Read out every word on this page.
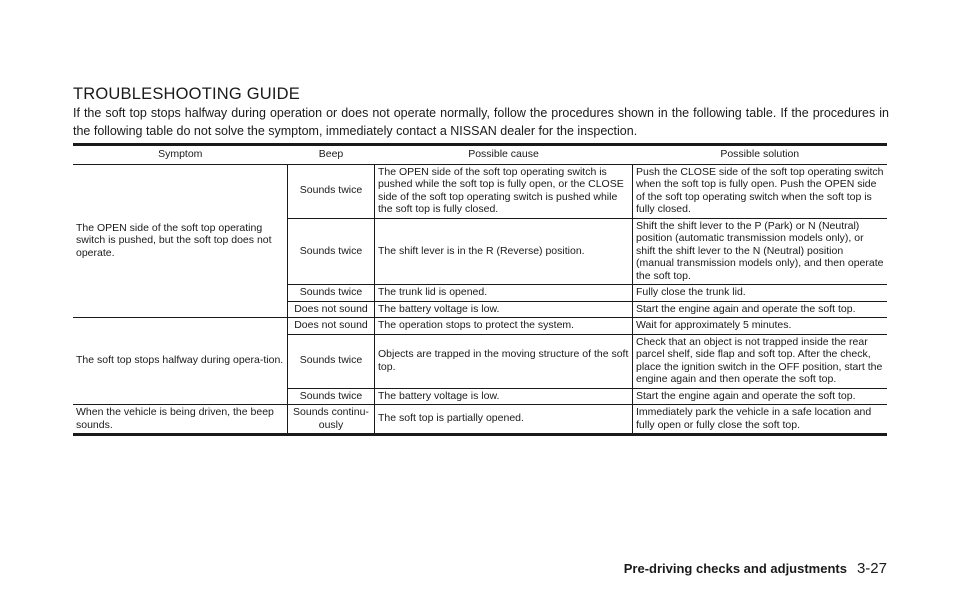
TROUBLESHOOTING GUIDE

If the soft top stops halfway during operation or does not operate normally, follow the procedures shown in the following table. If the procedures in the following table do not solve the symptom, immediately contact a NISSAN dealer for the inspection.

Symptom	Beep	Possible cause	Possible solution
The OPEN side of the soft top operating switch is pushed, but the soft top does not operate.	Sounds twice	The OPEN side of the soft top operating switch is pushed while the soft top is fully open, or the CLOSE side of the soft top operating switch is pushed while the soft top is fully closed.	Push the CLOSE side of the soft top operating switch when the soft top is fully open. Push the OPEN side of the soft top operating switch when the soft top is fully closed.
	Sounds twice	The shift lever is in the R (Reverse) position.	Shift the shift lever to the P (Park) or N (Neutral) position (automatic transmission models only), or shift the shift lever to the N (Neutral) position (manual transmission models only), and then operate the soft top.
	Sounds twice	The trunk lid is opened.	Fully close the trunk lid.
	Does not sound	The battery voltage is low.	Start the engine again and operate the soft top.
The soft top stops halfway during opera-tion.	Does not sound	The operation stops to protect the system.	Wait for approximately 5 minutes.
	Sounds twice	Objects are trapped in the moving structure of the soft top.	Check that an object is not trapped inside the rear parcel shelf, side flap and soft top. After the check, place the ignition switch in the OFF position, start the engine again and then operate the soft top.
	Sounds twice	The battery voltage is low.	Start the engine again and operate the soft top.
When the vehicle is being driven, the beep sounds.	Sounds continu-ously	The soft top is partially opened.	Immediately park the vehicle in a safe location and fully open or fully close the soft top.
Pre-driving checks and adjustments 3-27
